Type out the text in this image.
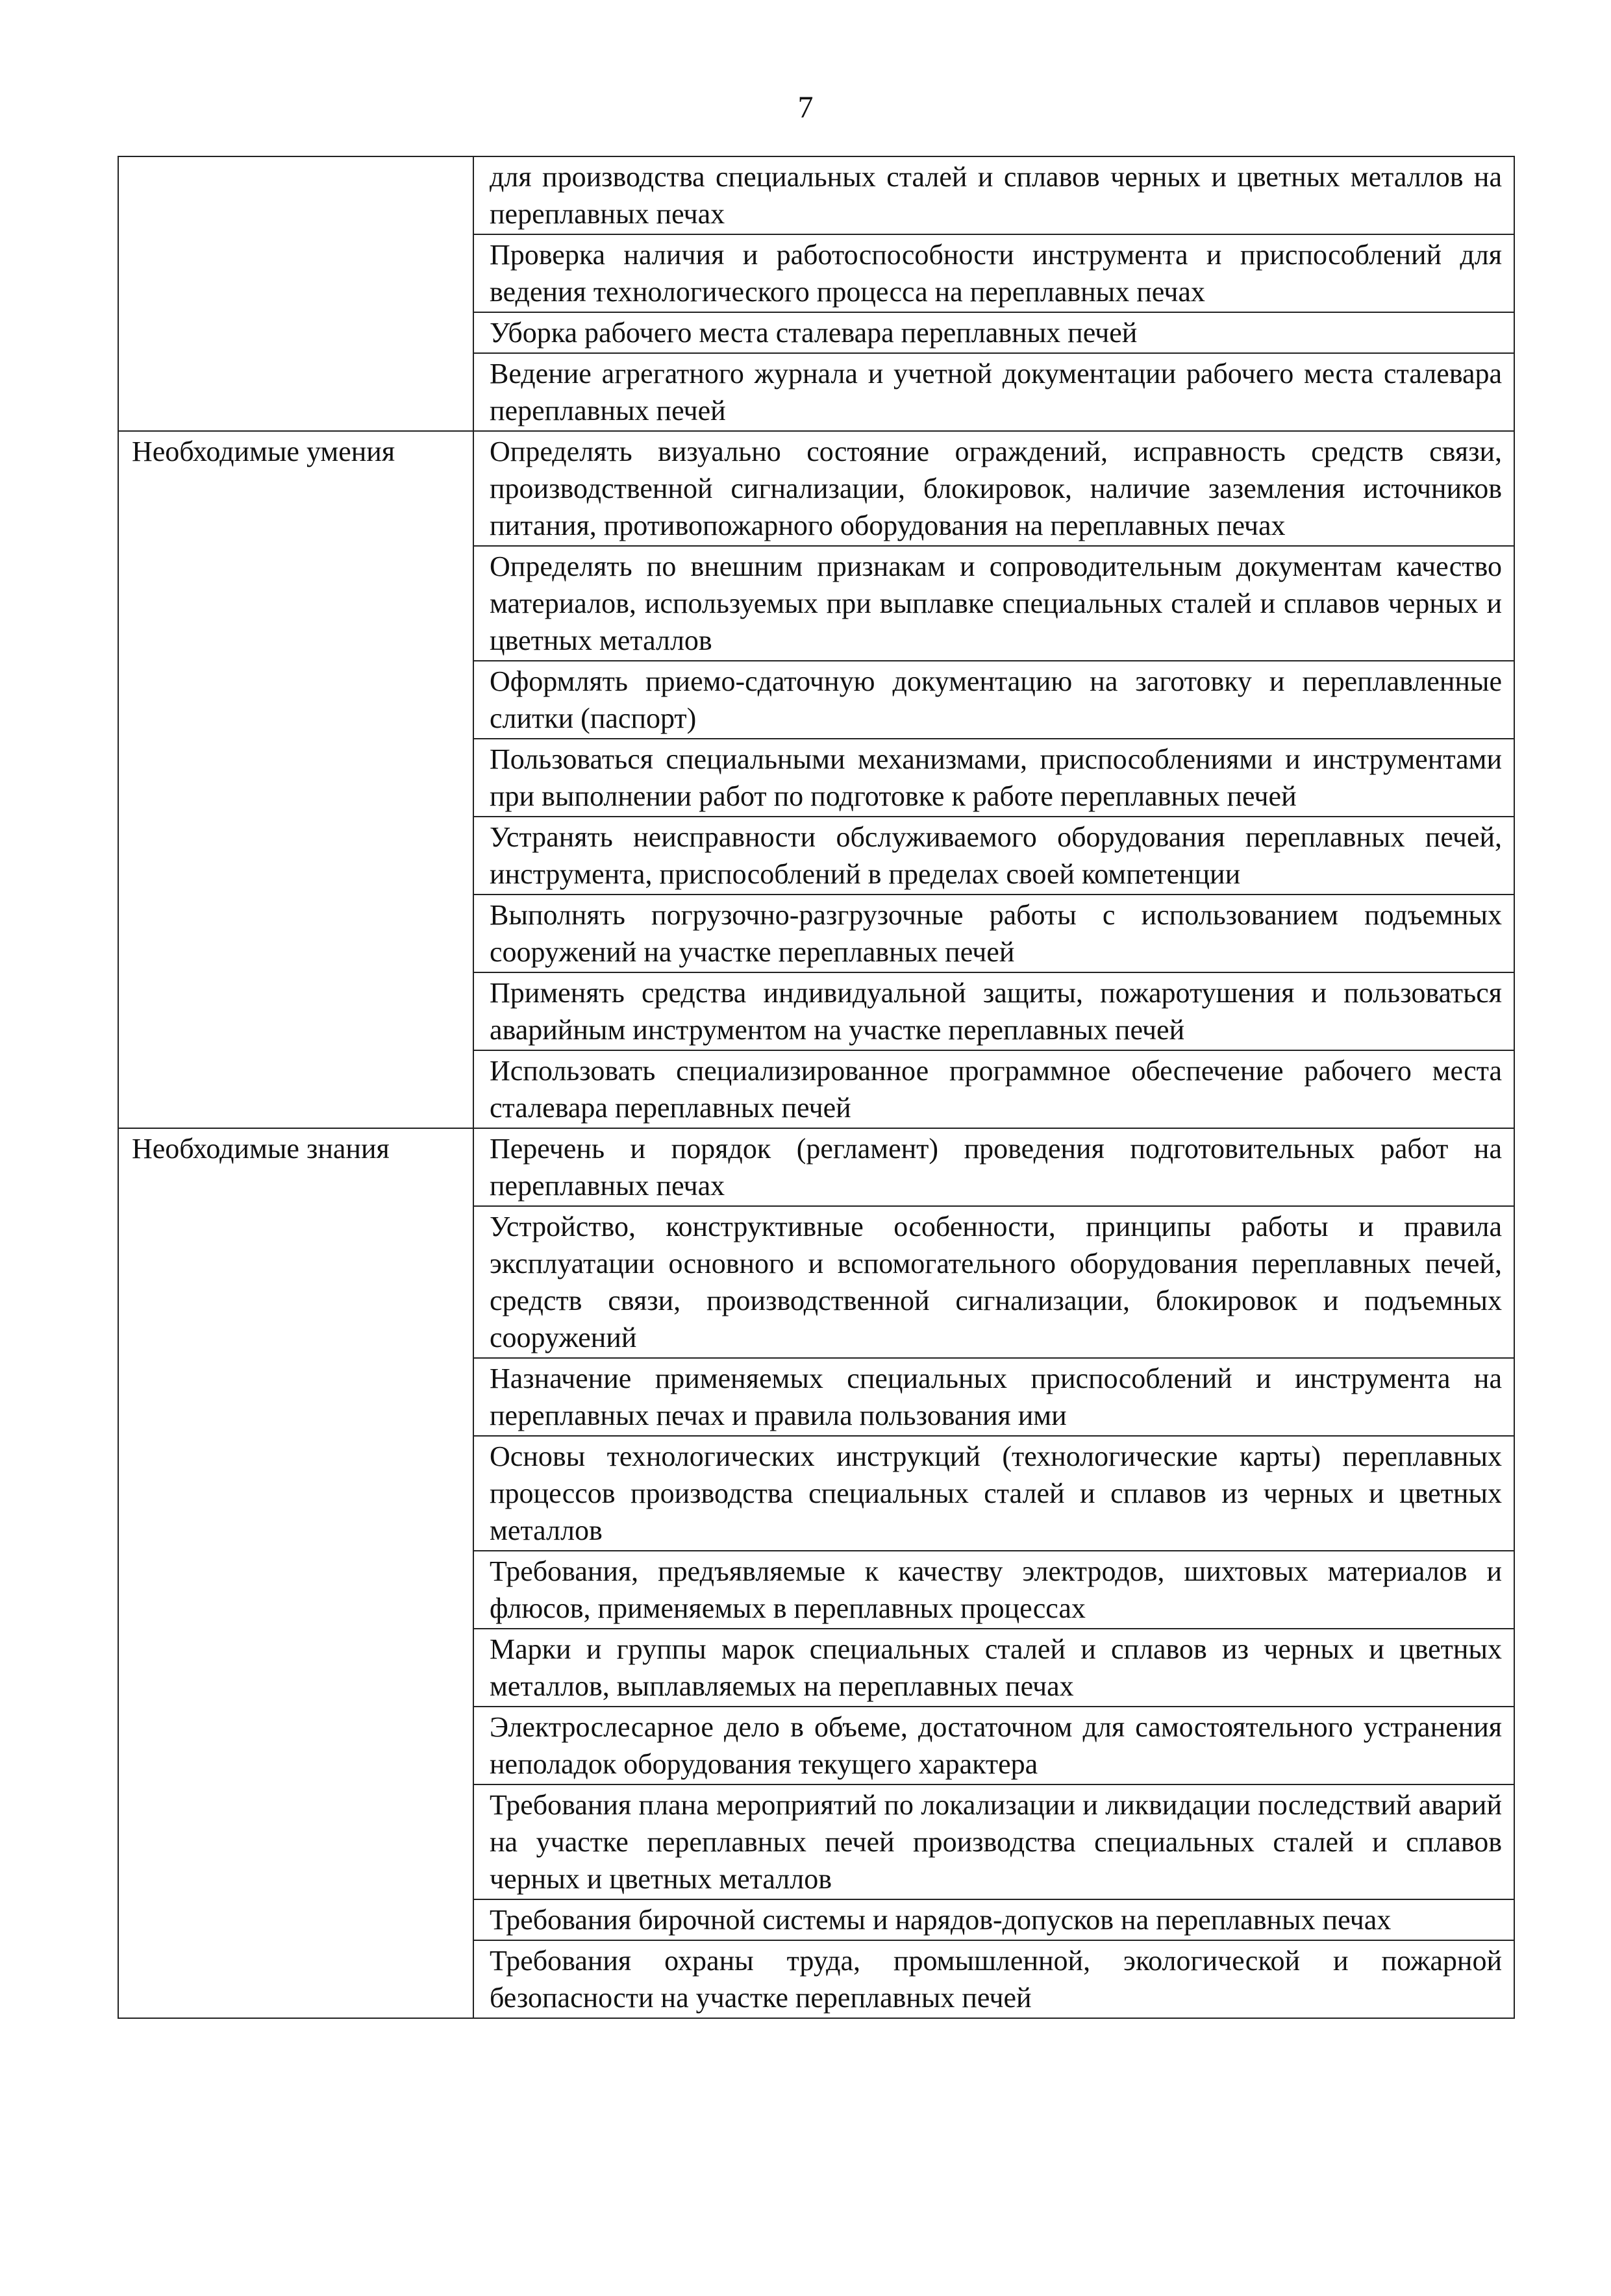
7
	для производства специальных сталей и сплавов черных и цветных металлов на переплавных печах
	Проверка наличия и работоспособности инструмента и приспособлений для ведения технологического процесса на переплавных печах
	Уборка рабочего места сталевара переплавных печей
	Ведение агрегатного журнала и учетной документации рабочего места сталевара переплавных печей
Необходимые умения	Определять визуально состояние ограждений, исправность средств связи, производственной сигнализации, блокировок, наличие заземления источников питания, противопожарного оборудования на переплавных печах
	Определять по внешним признакам и сопроводительным документам качество материалов, используемых при выплавке специальных сталей и сплавов черных и цветных металлов
	Оформлять приемо-сдаточную документацию на заготовку и переплавленные слитки (паспорт)
	Пользоваться специальными механизмами, приспособлениями и инструментами при выполнении работ по подготовке к работе переплавных печей
	Устранять неисправности обслуживаемого оборудования переплавных печей, инструмента, приспособлений в пределах своей компетенции
	Выполнять погрузочно-разгрузочные работы с использованием подъемных сооружений на участке переплавных печей
	Применять средства индивидуальной защиты, пожаротушения и пользоваться аварийным инструментом на участке переплавных печей
	Использовать специализированное программное обеспечение рабочего места сталевара переплавных печей
Необходимые знания	Перечень и порядок (регламент) проведения подготовительных работ на переплавных печах
	Устройство, конструктивные особенности, принципы работы и правила эксплуатации основного и вспомогательного оборудования переплавных печей, средств связи, производственной сигнализации, блокировок и подъемных сооружений
	Назначение применяемых специальных приспособлений и инструмента на переплавных печах и правила пользования ими
	Основы технологических инструкций (технологические карты) переплавных процессов производства специальных сталей и сплавов из черных и цветных металлов
	Требования, предъявляемые к качеству электродов, шихтовых материалов и флюсов, применяемых в переплавных процессах
	Марки и группы марок специальных сталей и сплавов из черных и цветных металлов, выплавляемых на переплавных печах
	Электрослесарное дело в объеме, достаточном для самостоятельного устранения неполадок оборудования текущего характера
	Требования плана мероприятий по локализации и ликвидации последствий аварий на участке переплавных печей производства специальных сталей и сплавов черных и цветных металлов
	Требования бирочной системы и нарядов-допусков на переплавных печах
	Требования охраны труда, промышленной, экологической и пожарной безопасности на участке переплавных печей
